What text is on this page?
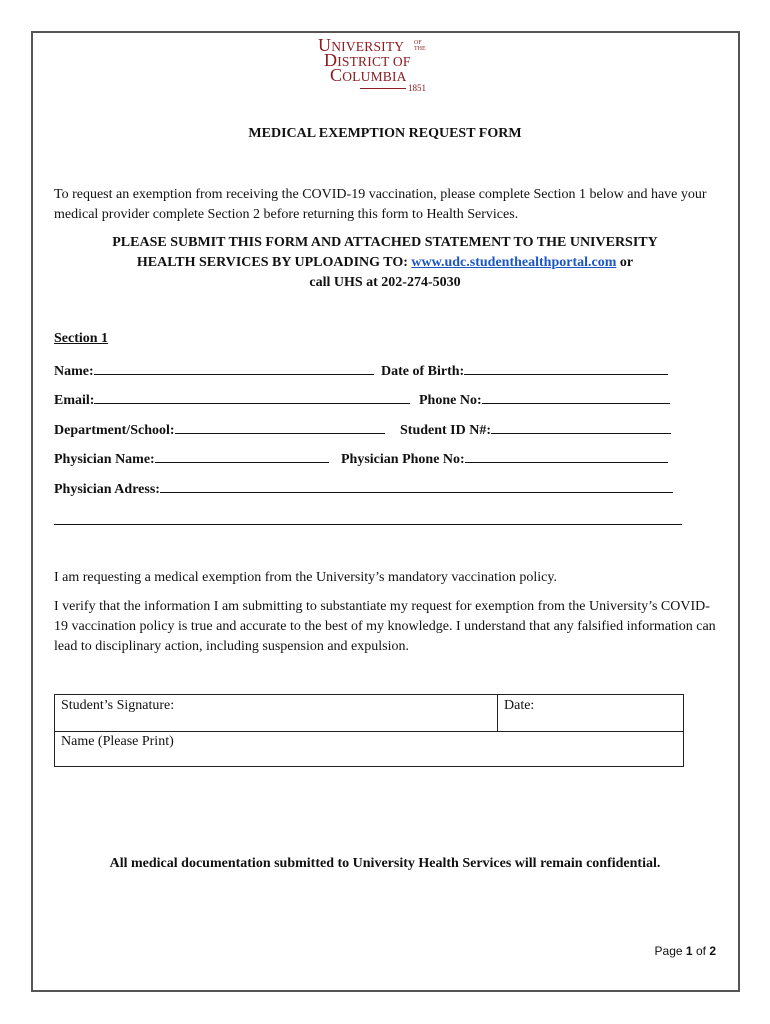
UNIVERSITY OF THE
DISTRICT OF
COLUMBIA
1851
MEDICAL EXEMPTION REQUEST FORM
To request an exemption from receiving the COVID-19 vaccination, please complete Section 1 below and have your medical provider complete Section 2 before returning this form to Health Services.
PLEASE SUBMIT THIS FORM AND ATTACHED STATEMENT TO THE UNIVERSITY
HEALTH SERVICES BY UPLOADING TO: www.udc.studenthealthportal.com or
call UHS at 202-274-5030
Section 1
Name:	Date of Birth:
Email:	Phone No:
Department/School:	Student ID N#:
Physician Name:	Physician Phone No:
Physician Adress:
I am requesting a medical exemption from the University’s mandatory vaccination policy.
I verify that the information I am submitting to substantiate my request for exemption from the University’s COVID-19 vaccination policy is true and accurate to the best of my knowledge. I understand that any falsified information can lead to disciplinary action, including suspension and expulsion.
Student’s Signature:	Date:
Name (Please Print)
All medical documentation submitted to University Health Services will remain confidential.
Page 1 of 2
